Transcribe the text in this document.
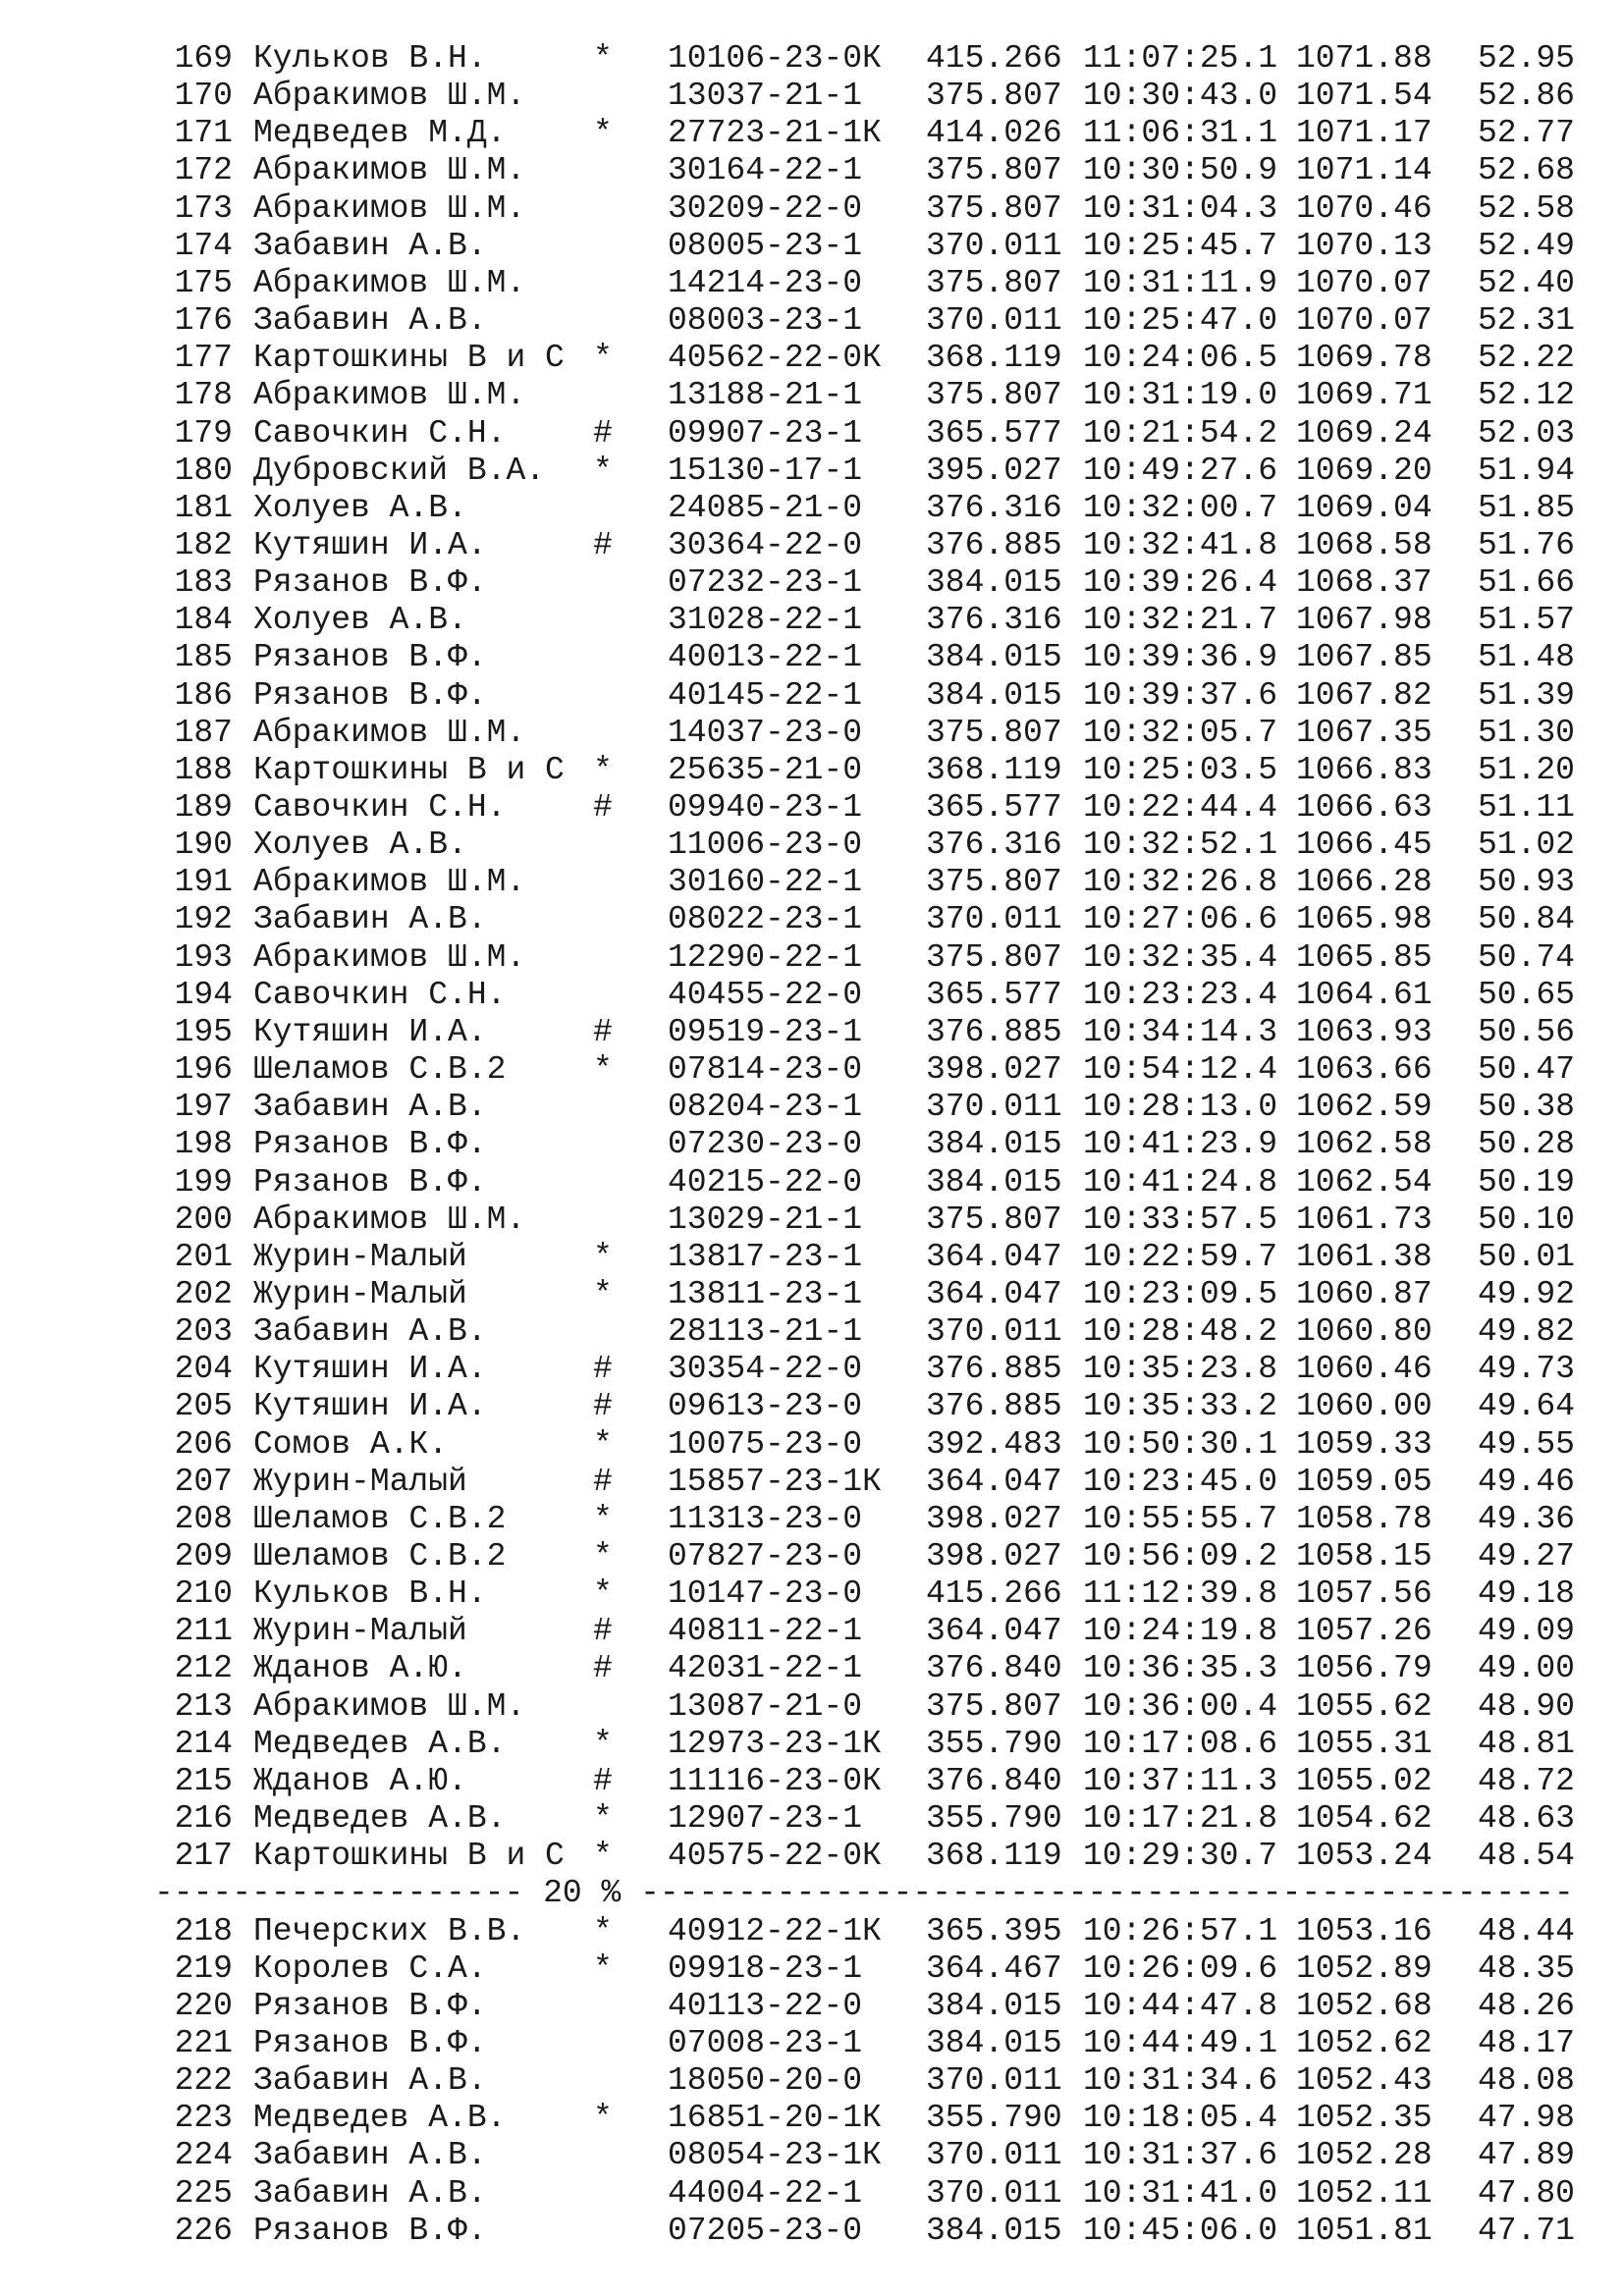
169 Кульков В.Н.	* 10106-23-0К 415.266 11:07:25.1 1071.88 52.95
170 Абракимов Ш.М.	13037-21-1 375.807 10:30:43.0 1071.54 52.86
171 Медведев М.Д.	* 27723-21-1К 414.026 11:06:31.1 1071.17 52.77
172 Абракимов Ш.М.	30164-22-1 375.807 10:30:50.9 1071.14 52.68
173 Абракимов Ш.М.	30209-22-0 375.807 10:31:04.3 1070.46 52.58
174 Забавин А.В.	08005-23-1 370.011 10:25:45.7 1070.13 52.49
175 Абракимов Ш.М.	14214-23-0 375.807 10:31:11.9 1070.07 52.40
176 Забавин А.В.	08003-23-1 370.011 10:25:47.0 1070.07 52.31
177 Картошкины В и С * 40562-22-0К 368.119 10:24:06.5 1069.78 52.22
178 Абракимов Ш.М.	13188-21-1 375.807 10:31:19.0 1069.71 52.12
179 Савочкин С.Н.	# 09907-23-1 365.577 10:21:54.2 1069.24 52.03
180 Дубровский В.А. * 15130-17-1 395.027 10:49:27.6 1069.20 51.94
181 Холуев А.В.	24085-21-0 376.316 10:32:00.7 1069.04 51.85
182 Кутяшин И.А.	# 30364-22-0 376.885 10:32:41.8 1068.58 51.76
183 Рязанов В.Ф.	07232-23-1 384.015 10:39:26.4 1068.37 51.66
184 Холуев А.В.	31028-22-1 376.316 10:32:21.7 1067.98 51.57
185 Рязанов В.Ф.	40013-22-1 384.015 10:39:36.9 1067.85 51.48
186 Рязанов В.Ф.	40145-22-1 384.015 10:39:37.6 1067.82 51.39
187 Абракимов Ш.М.	14037-23-0 375.807 10:32:05.7 1067.35 51.30
188 Картошкины В и С * 25635-21-0 368.119 10:25:03.5 1066.83 51.20
189 Савочкин С.Н.	# 09940-23-1 365.577 10:22:44.4 1066.63 51.11
190 Холуев А.В.	11006-23-0 376.316 10:32:52.1 1066.45 51.02
191 Абракимов Ш.М.	30160-22-1 375.807 10:32:26.8 1066.28 50.93
192 Забавин А.В.	08022-23-1 370.011 10:27:06.6 1065.98 50.84
193 Абракимов Ш.М.	12290-22-1 375.807 10:32:35.4 1065.85 50.74
194 Савочкин С.Н.	40455-22-0 365.577 10:23:23.4 1064.61 50.65
195 Кутяшин И.А.	# 09519-23-1 376.885 10:34:14.3 1063.93 50.56
196 Шеламов С.В.2	* 07814-23-0 398.027 10:54:12.4 1063.66 50.47
197 Забавин А.В.	08204-23-1 370.011 10:28:13.0 1062.59 50.38
198 Рязанов В.Ф.	07230-23-0 384.015 10:41:23.9 1062.58 50.28
199 Рязанов В.Ф.	40215-22-0 384.015 10:41:24.8 1062.54 50.19
200 Абракимов Ш.М.	13029-21-1 375.807 10:33:57.5 1061.73 50.10
201 Журин-Малый	* 13817-23-1 364.047 10:22:59.7 1061.38 50.01
202 Журин-Малый	* 13811-23-1 364.047 10:23:09.5 1060.87 49.92
203 Забавин А.В.	28113-21-1 370.011 10:28:48.2 1060.80 49.82
204 Кутяшин И.А.	# 30354-22-0 376.885 10:35:23.8 1060.46 49.73
205 Кутяшин И.А.	# 09613-23-0 376.885 10:35:33.2 1060.00 49.64
206 Сомов А.К.	* 10075-23-0 392.483 10:50:30.1 1059.33 49.55
207 Журин-Малый	# 15857-23-1К 364.047 10:23:45.0 1059.05 49.46
208 Шеламов С.В.2	* 11313-23-0 398.027 10:55:55.7 1058.78 49.36
209 Шеламов С.В.2	* 07827-23-0 398.027 10:56:09.2 1058.15 49.27
210 Кульков В.Н.	* 10147-23-0 415.266 11:12:39.8 1057.56 49.18
211 Журин-Малый	# 40811-22-1 364.047 10:24:19.8 1057.26 49.09
212 Жданов А.Ю.	# 42031-22-1 376.840 10:36:35.3 1056.79 49.00
213 Абракимов Ш.М.	13087-21-0 375.807 10:36:00.4 1055.62 48.90
214 Медведев А.В.	* 12973-23-1К 355.790 10:17:08.6 1055.31 48.81
215 Жданов А.Ю.	# 11116-23-0К 376.840 10:37:11.3 1055.02 48.72
216 Медведев А.В.	* 12907-23-1 355.790 10:17:21.8 1054.62 48.63
217 Картошкины В и С * 40575-22-0К 368.119 10:29:30.7 1053.24 48.54
------------------- 20 % ------------------------------------------------
218 Печерских В.В. * 40912-22-1К 365.395 10:26:57.1 1053.16 48.44
219 Королев С.А.	* 09918-23-1 364.467 10:26:09.6 1052.89 48.35
220 Рязанов В.Ф.	40113-22-0 384.015 10:44:47.8 1052.68 48.26
221 Рязанов В.Ф.	07008-23-1 384.015 10:44:49.1 1052.62 48.17
222 Забавин А.В.	18050-20-0 370.011 10:31:34.6 1052.43 48.08
223 Медведев А.В.	* 16851-20-1К 355.790 10:18:05.4 1052.35 47.98
224 Забавин А.В.	08054-23-1К 370.011 10:31:37.6 1052.28 47.89
225 Забавин А.В.	44004-22-1 370.011 10:31:41.0 1052.11 47.80
226 Рязанов В.Ф.	07205-23-0 384.015 10:45:06.0 1051.81 47.71
